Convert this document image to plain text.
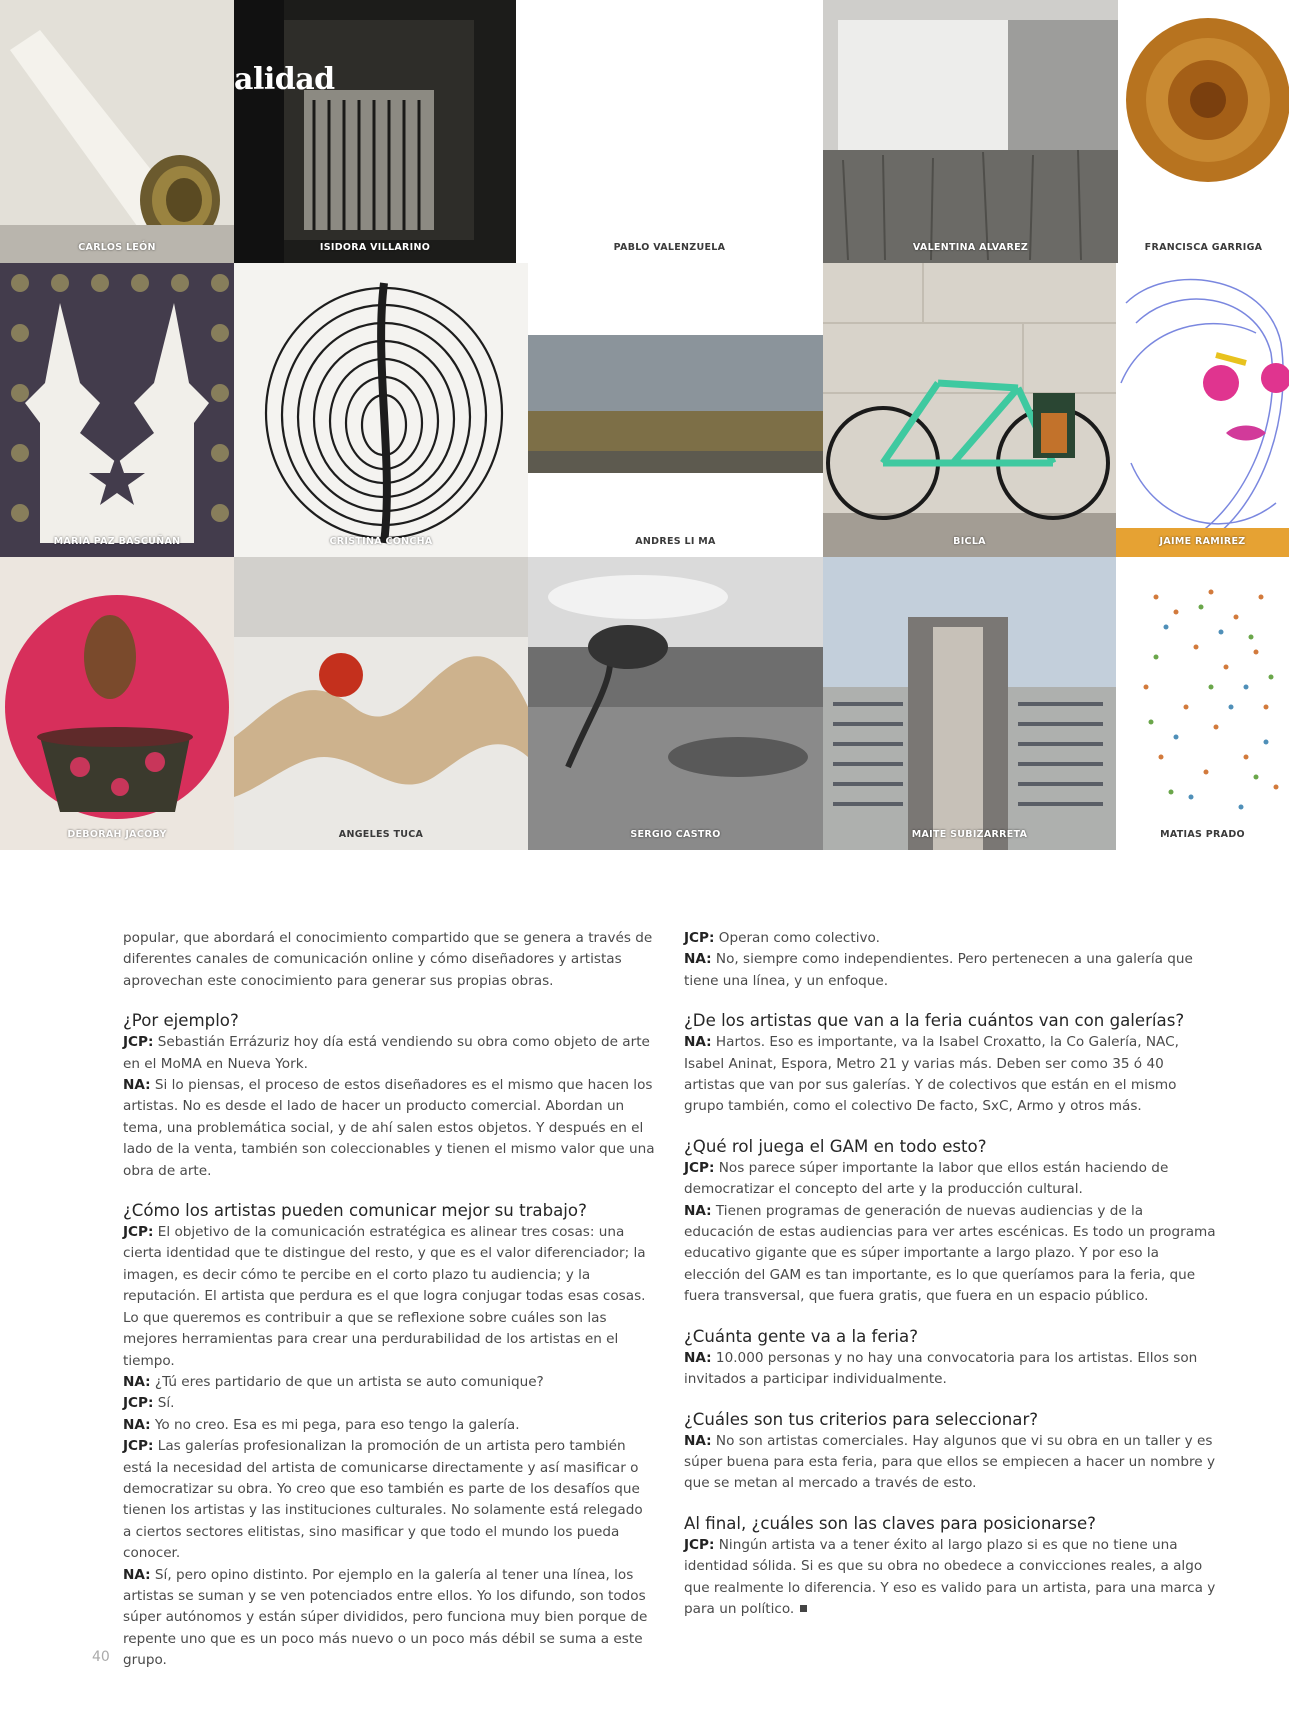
CARLOS LEÓN
alidad
ISIDORA VILLARINO	PABLO VALENZUELA	VALENTINA ALVAREZ	FRANCISCA GARRIGA
MARIA PAZ BASCUÑAN	CRISTINA CONCHA	ANDRES LI MA	BICLA	JAIME RAMIREZ
DEBORAH JACOBY	ANGELES TUCA	SERGIO CASTRO	MAITE SUBIZARRETA	MATIAS PRADO

popular, que abordará el conocimiento compartido que se genera a través de diferentes canales de comunicación online y cómo diseñadores y artistas aprovechan este conocimiento para generar sus propias obras.

¿Por ejemplo?

JCP: Sebastián Errázuriz hoy día está vendiendo su obra como objeto de arte en el MoMA en Nueva York.

NA: Si lo piensas, el proceso de estos diseñadores es el mismo que hacen los artistas. No es desde el lado de hacer un producto comercial. Abordan un tema, una problemática social, y de ahí salen estos objetos. Y después en el lado de la venta, también son coleccionables y tienen el mismo valor que una obra de arte.

¿Cómo los artistas pueden comunicar mejor su trabajo?

JCP: El objetivo de la comunicación estratégica es alinear tres cosas: una cierta identidad que te distingue del resto, y que es el valor diferenciador; la imagen, es decir cómo te percibe en el corto plazo tu audiencia; y la reputación. El artista que perdura es el que logra conjugar todas esas cosas. Lo que queremos es contribuir a que se reflexione sobre cuáles son las mejores herramientas para crear una perdurabilidad de los artistas en el tiempo.

NA: ¿Tú eres partidario de que un artista se auto comunique?

JCP: Sí.

NA: Yo no creo. Esa es mi pega, para eso tengo la galería.

JCP: Las galerías profesionalizan la promoción de un artista pero también está la necesidad del artista de comunicarse directamente y así masificar o democratizar su obra. Yo creo que eso también es parte de los desafíos que tienen los artistas y las instituciones culturales. No solamente está relegado a ciertos sectores elitistas, sino masificar y que todo el mundo los pueda conocer.

NA: Sí, pero opino distinto. Por ejemplo en la galería al tener una línea, los artistas se suman y se ven potenciados entre ellos. Yo los difundo, son todos súper autónomos y están súper divididos, pero funciona muy bien porque de repente uno que es un poco más nuevo o un poco más débil se suma a este grupo.

JCP: Operan como colectivo.

NA: No, siempre como independientes. Pero pertenecen a una galería que tiene una línea, y un enfoque.

¿De los artistas que van a la feria cuántos van con galerías?

NA: Hartos. Eso es importante, va la Isabel Croxatto, la Co Galería, NAC, Isabel Aninat, Espora, Metro 21 y varias más. Deben ser como 35 ó 40 artistas que van por sus galerías. Y de colectivos que están en el mismo grupo también, como el colectivo De facto, SxC, Armo y otros más.

¿Qué rol juega el GAM en todo esto?

JCP: Nos parece súper importante la labor que ellos están haciendo de democratizar el concepto del arte y la producción cultural.

NA: Tienen programas de generación de nuevas audiencias y de la educación de estas audiencias para ver artes escénicas. Es todo un programa educativo gigante que es súper importante a largo plazo. Y por eso la elección del GAM es tan importante, es lo que queríamos para la feria, que fuera transversal, que fuera gratis, que fuera en un espacio público.

¿Cuánta gente va a la feria?

NA: 10.000 personas y no hay una convocatoria para los artistas. Ellos son invitados a participar individualmente.

¿Cuáles son tus criterios para seleccionar?

NA: No son artistas comerciales. Hay algunos que vi su obra en un taller y es súper buena para esta feria, para que ellos se empiecen a hacer un nombre y que se metan al mercado a través de esto.

Al final, ¿cuáles son las claves para posicionarse?

JCP: Ningún artista va a tener éxito al largo plazo si es que no tiene una identidad sólida. Si es que su obra no obedece a convicciones reales, a algo que realmente lo diferencia. Y eso es valido para un artista, para una marca y para un político.

40
